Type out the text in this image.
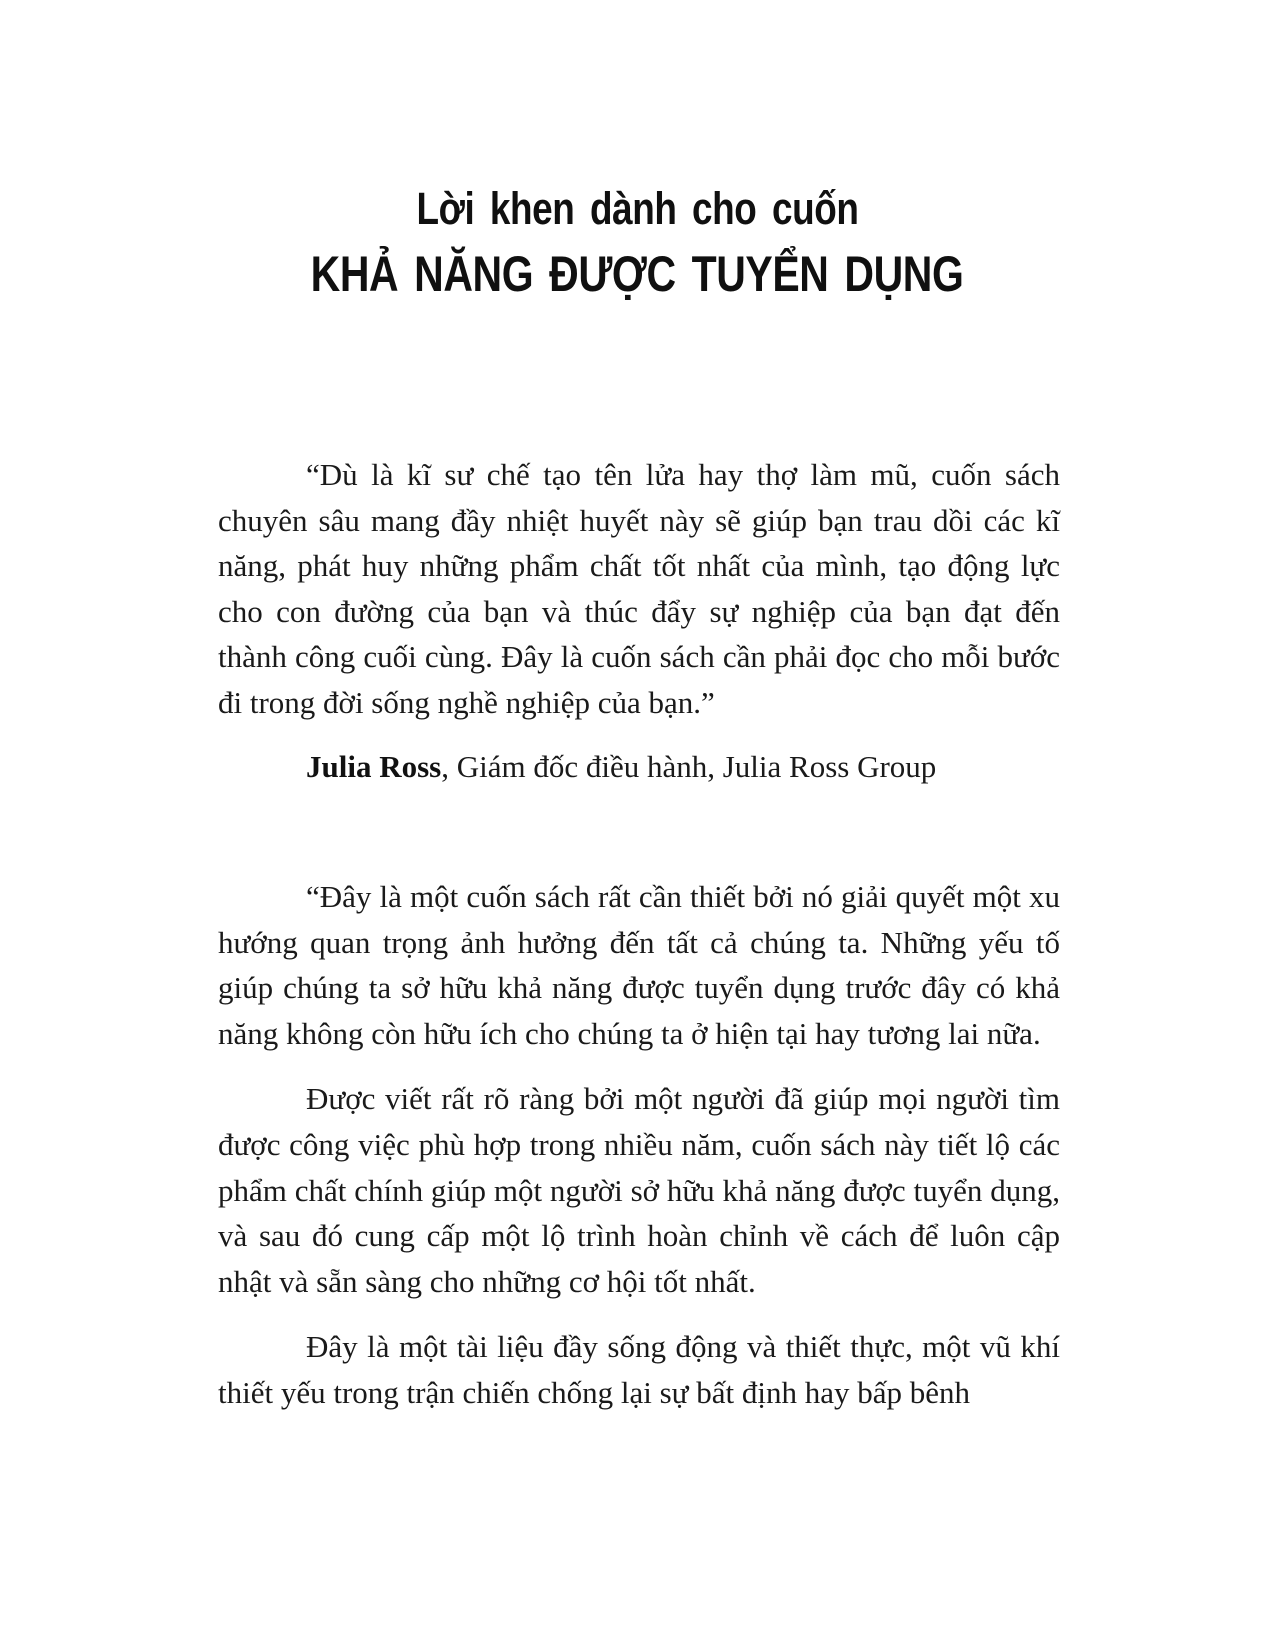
Lời khen dành cho cuốn
KHẢ NĂNG ĐƯỢC TUYỂN DỤNG

“Dù là kĩ sư chế tạo tên lửa hay thợ làm mũ, cuốn sách chuyên sâu mang đầy nhiệt huyết này sẽ giúp bạn trau dồi các kĩ năng, phát huy những phẩm chất tốt nhất của mình, tạo động lực cho con đường của bạn và thúc đẩy sự nghiệp của bạn đạt đến thành công cuối cùng. Đây là cuốn sách cần phải đọc cho mỗi bước đi trong đời sống nghề nghiệp của bạn.”

Julia Ross, Giám đốc điều hành, Julia Ross Group

“Đây là một cuốn sách rất cần thiết bởi nó giải quyết một xu hướng quan trọng ảnh hưởng đến tất cả chúng ta. Những yếu tố giúp chúng ta sở hữu khả năng được tuyển dụng trước đây có khả năng không còn hữu ích cho chúng ta ở hiện tại hay tương lai nữa.

Được viết rất rõ ràng bởi một người đã giúp mọi người tìm được công việc phù hợp trong nhiều năm, cuốn sách này tiết lộ các phẩm chất chính giúp một người sở hữu khả năng được tuyển dụng, và sau đó cung cấp một lộ trình hoàn chỉnh về cách để luôn cập nhật và sẵn sàng cho những cơ hội tốt nhất.

Đây là một tài liệu đầy sống động và thiết thực, một vũ khí thiết yếu trong trận chiến chống lại sự bất định hay bấp bênh
